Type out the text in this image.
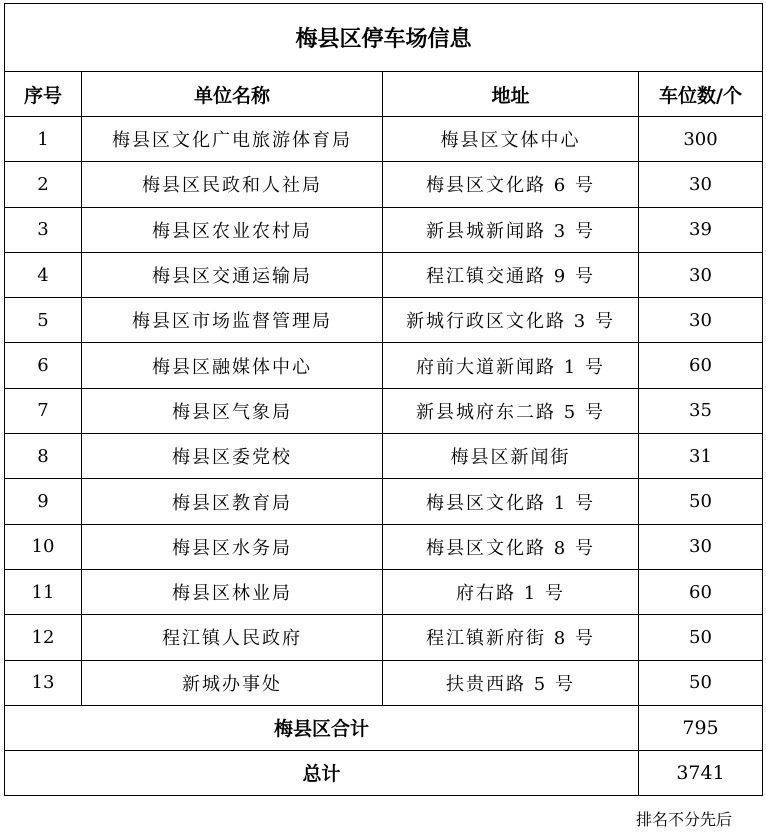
梅县区停车场信息			
序号	单位名称	地址	车位数/个
1	梅县区文化广电旅游体育局	梅县区文体中心	300
2	梅县区民政和人社局	梅县区文化路 6 号	30
3	梅县区农业农村局	新县城新闻路 3 号	39
4	梅县区交通运输局	程江镇交通路 9 号	30
5	梅县区市场监督管理局	新城行政区文化路 3 号	30
6	梅县区融媒体中心	府前大道新闻路 1 号	60
7	梅县区气象局	新县城府东二路 5 号	35
8	梅县区委党校	梅县区新闻街	31
9	梅县区教育局	梅县区文化路 1 号	50
10	梅县区水务局	梅县区文化路 8 号	30
11	梅县区林业局	府右路 1 号	60
12	程江镇人民政府	程江镇新府街 8 号	50
13	新城办事处	扶贵西路 5 号	50
梅县区合计			795
总计			3741
排名不分先后
